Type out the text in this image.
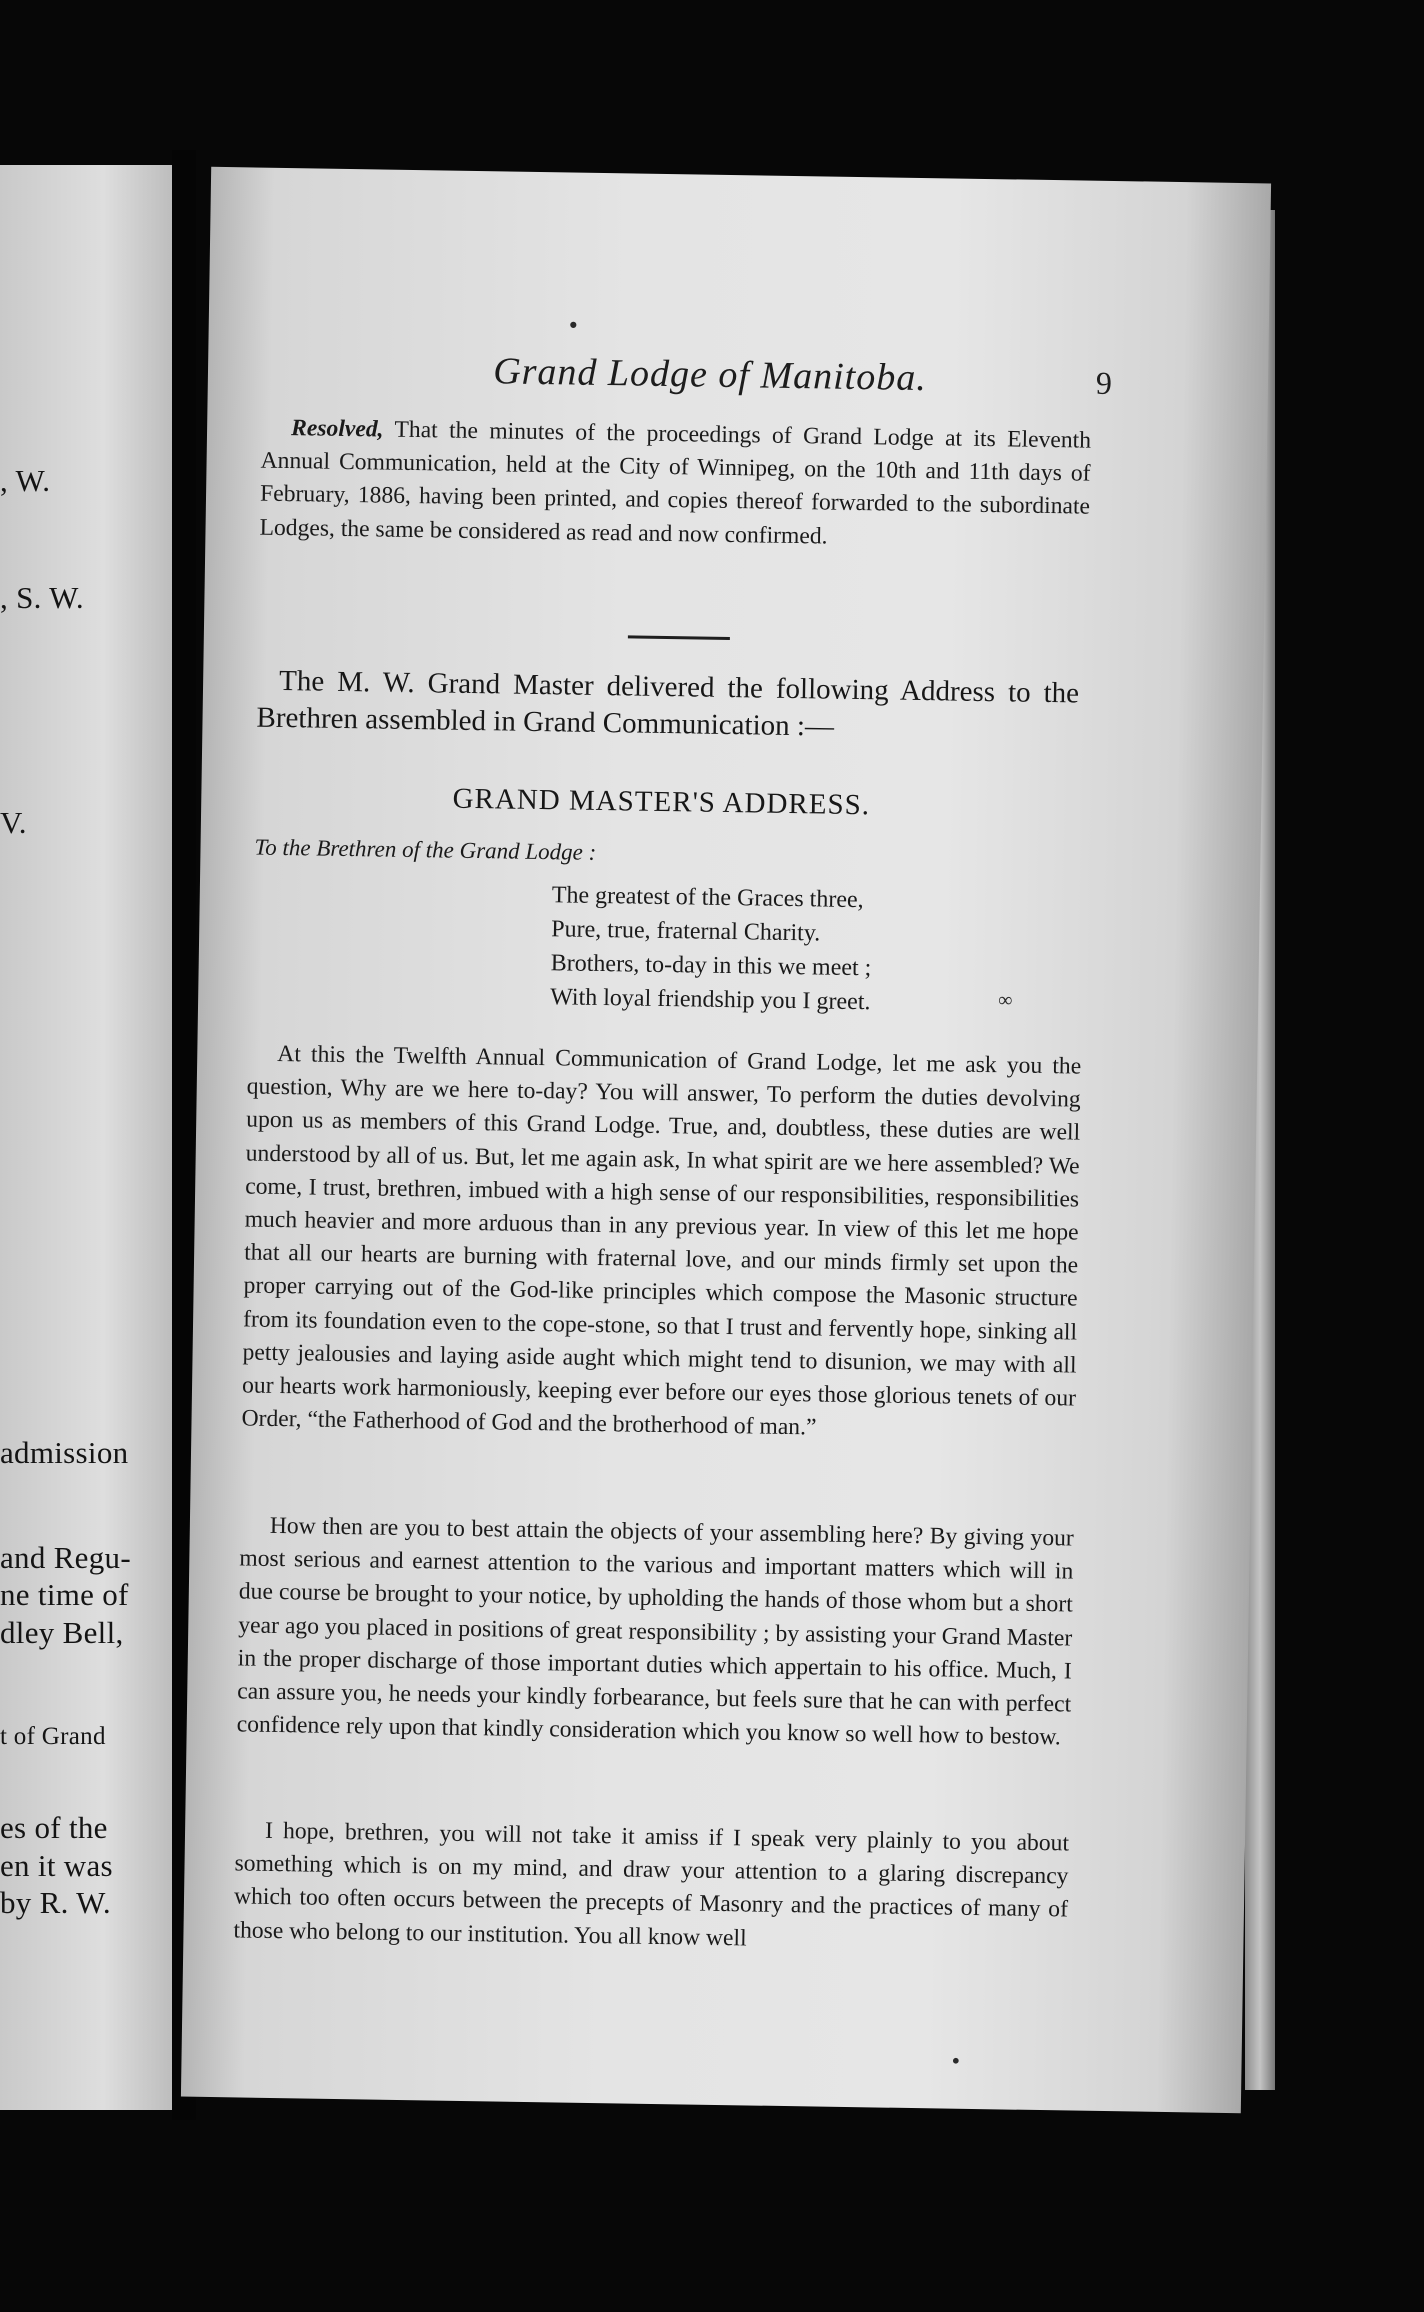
, W.
, S. W.
V.
admission
and Regu-
ne time of
dley Bell,
t of Grand
es of the
en it was
by R. W.
•
Grand Lodge of Manitoba.	9
Resolved, That the minutes of the proceedings of Grand Lodge at its Eleventh Annual Communication, held at the City of Winnipeg, on the 10th and 11th days of February, 1886, having been printed, and copies thereof forwarded to the subordinate Lodges, the same be considered as read and now confirmed.
The M. W. Grand Master delivered the following Address to the Brethren assembled in Grand Communication :—
GRAND MASTER'S ADDRESS.
To the Brethren of the Grand Lodge :
The greatest of the Graces three,
Pure, true, fraternal Charity.
Brothers, to-day in this we meet ;
With loyal friendship you I greet.
At this the Twelfth Annual Communication of Grand Lodge, let me ask you the question, Why are we here to-day? You will answer, To perform the duties devolving upon us as members of this Grand Lodge. True, and, doubtless, these duties are well understood by all of us. But, let me again ask, In what spirit are we here assembled? We come, I trust, brethren, imbued with a high sense of our responsibilities, responsibilities much heavier and more arduous than in any previous year. In view of this let me hope that all our hearts are burning with fraternal love, and our minds firmly set upon the proper carrying out of the God-like principles which compose the Masonic structure from its foundation even to the cope-stone, so that I trust and fervently hope, sinking all petty jealousies and laying aside aught which might tend to disunion, we may with all our hearts work harmoniously, keeping ever before our eyes those glorious tenets of our Order, “the Fatherhood of God and the brotherhood of man.”
How then are you to best attain the objects of your assembling here? By giving your most serious and earnest attention to the various and important matters which will in due course be brought to your notice, by upholding the hands of those whom but a short year ago you placed in positions of great responsibility ; by assisting your Grand Master in the proper discharge of those important duties which appertain to his office. Much, I can assure you, he needs your kindly forbearance, but feels sure that he can with perfect confidence rely upon that kindly consideration which you know so well how to bestow.
I hope, brethren, you will not take it amiss if I speak very plainly to you about something which is on my mind, and draw your attention to a glaring discrepancy which too often occurs between the precepts of Masonry and the practices of many of those who belong to our institution. You all know well
∞
•
